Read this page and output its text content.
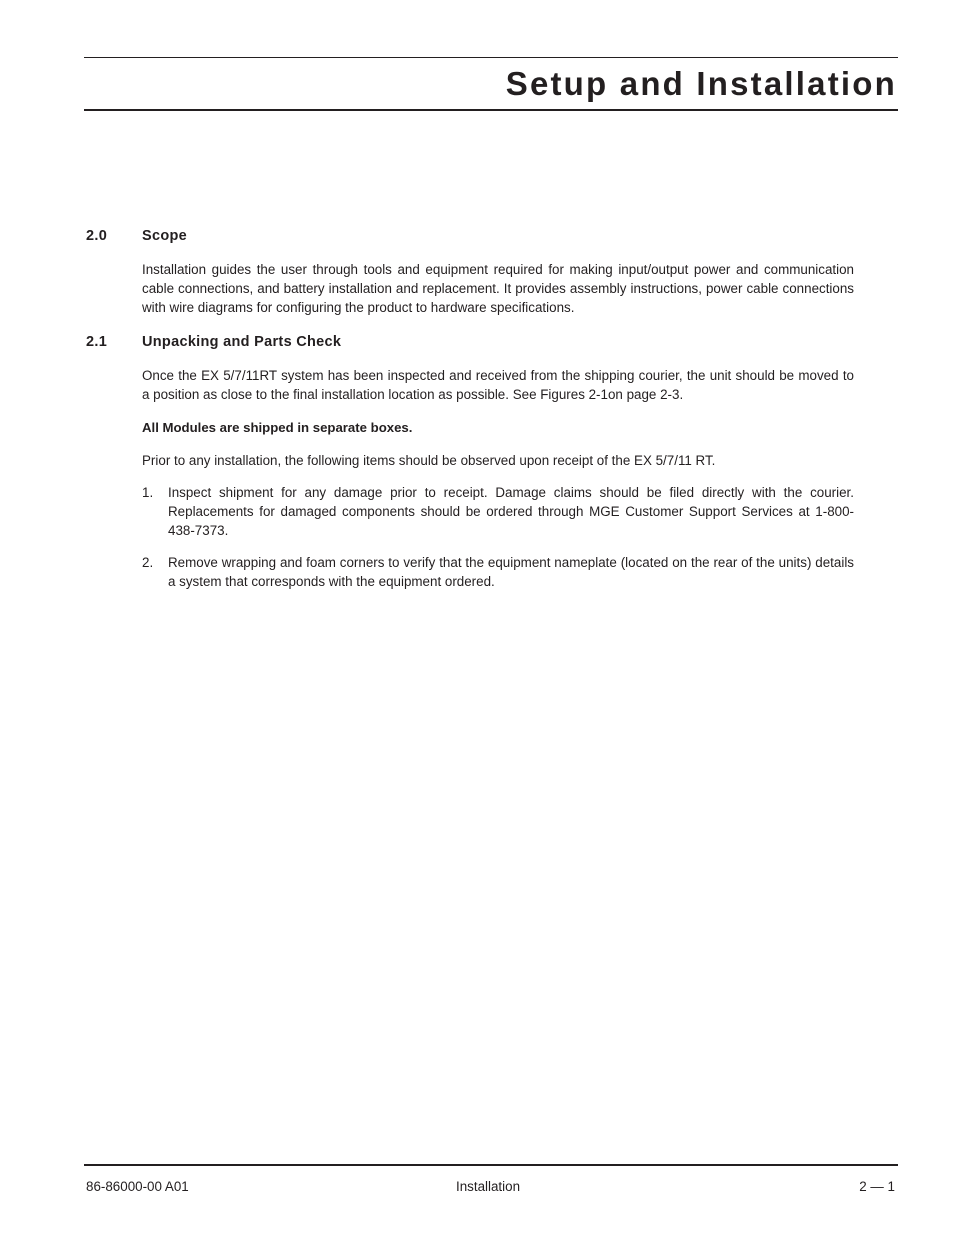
Setup and Installation
2.0 Scope

Installation guides the user through tools and equipment required for making input/output power and communication cable connections, and battery installation and replacement. It provides assembly instructions, power cable connections with wire diagrams for configuring the product to hardware specifications.

2.1 Unpacking and Parts Check

Once the EX 5/7/11RT system has been inspected and received from the shipping courier, the unit should be moved to a position as close to the final installation location as possible. See Figures 2-1on page 2-3.

All Modules are shipped in separate boxes.

Prior to any installation, the following items should be observed upon receipt of the EX 5/7/11 RT.

1. Inspect shipment for any damage prior to receipt. Damage claims should be filed directly with the courier. Replacements for damaged components should be ordered through MGE Customer Support Services at 1-800-438-7373.

2. Remove wrapping and foam corners to verify that the equipment nameplate (located on the rear of the units) details a system that corresponds with the equipment ordered.

86-86000-00 A01	Installation	2 — 1
